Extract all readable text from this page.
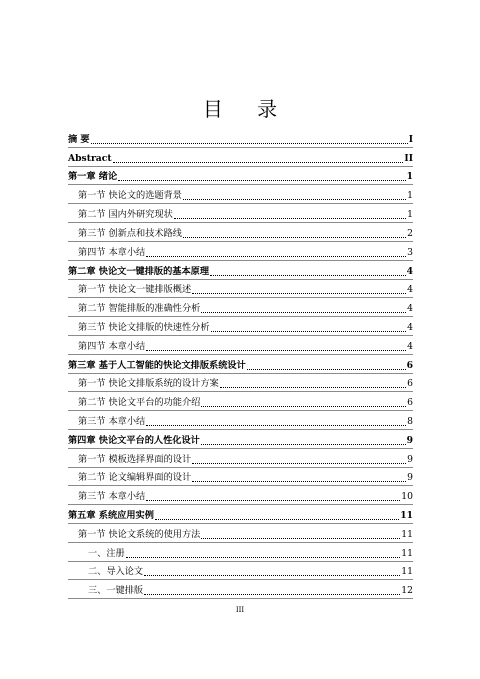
目 录
摘 要	I
Abstract	II
第一章 绪论	1
第一节 快论文的选题背景	1
第二节 国内外研究现状	1
第三节 创新点和技术路线	2
第四节 本章小结	3
第二章 快论文一键排版的基本原理	4
第一节 快论文一键排版概述	4
第二节 智能排版的准确性分析	4
第三节 快论文排版的快速性分析	4
第四节 本章小结	4
第三章 基于人工智能的快论文排版系统设计	6
第一节 快论文排版系统的设计方案	6
第二节 快论文平台的功能介绍	6
第三节 本章小结	8
第四章 快论文平台的人性化设计	9
第一节 模板选择界面的设计	9
第二节 论文编辑界面的设计	9
第三节 本章小结	10
第五章 系统应用实例	11
第一节 快论文系统的使用方法	11
一、注册	11
二、导入论文	11
三、一键排版	12
III
